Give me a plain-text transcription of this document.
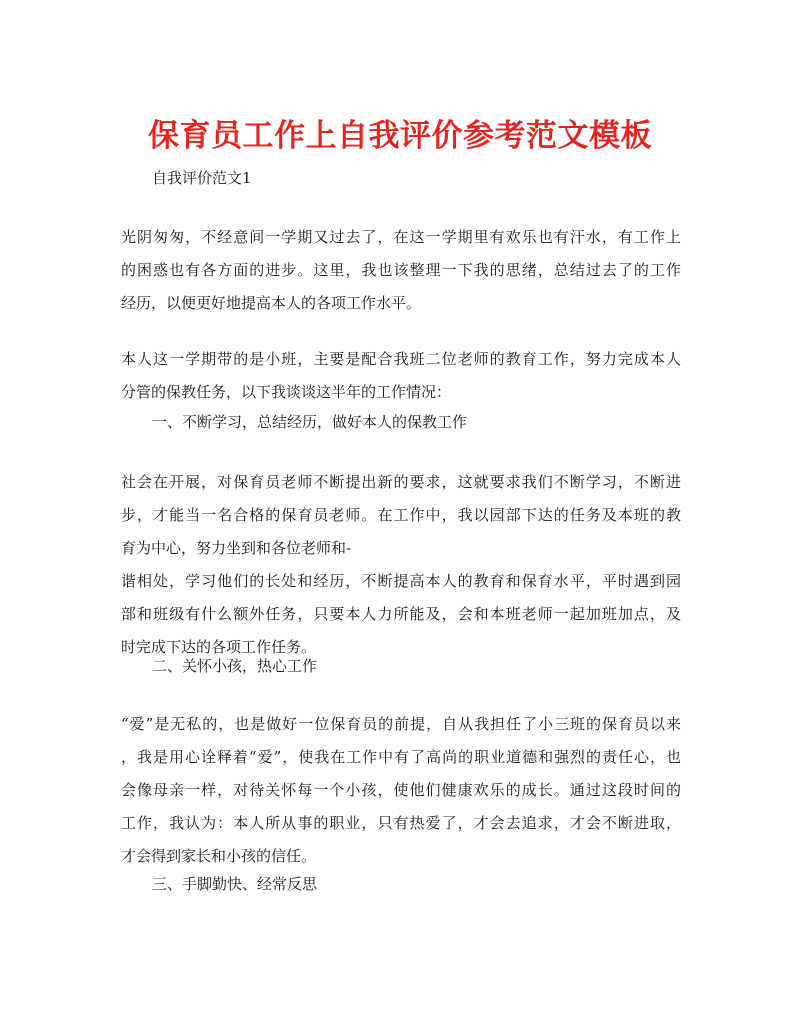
保育员工作上自我评价参考范文模板
自我评价范文1
光阴匆匆，不经意间一学期又过去了，在这一学期里有欢乐也有汗水，有工作上
的困惑也有各方面的进步。这里，我也该整理一下我的思绪，总结过去了的工作
经历，以便更好地提高本人的各项工作水平。
本人这一学期带的是小班，主要是配合我班二位老师的教育工作，努力完成本人
分管的保教任务，以下我谈谈这半年的工作情况：
一、不断学习，总结经历，做好本人的保教工作
社会在开展，对保育员老师不断提出新的要求，这就要求我们不断学习，不断进
步，才能当一名合格的保育员老师。在工作中，我以园部下达的任务及本班的教
育为中心，努力坐到和各位老师和-
谐相处，学习他们的长处和经历，不断提高本人的教育和保育水平，平时遇到园
部和班级有什么额外任务，只要本人力所能及，会和本班老师一起加班加点，及
时完成下达的各项工作任务。
二、关怀小孩，热心工作
“爱”是无私的，也是做好一位保育员的前提，自从我担任了小三班的保育员以来
，我是用心诠释着“爱”，使我在工作中有了高尚的职业道德和强烈的责任心，也
会像母亲一样，对待关怀每一个小孩，使他们健康欢乐的成长。通过这段时间的
工作，我认为：本人所从事的职业，只有热爱了，才会去追求，才会不断进取，
才会得到家长和小孩的信任。
三、手脚勤快、经常反思
